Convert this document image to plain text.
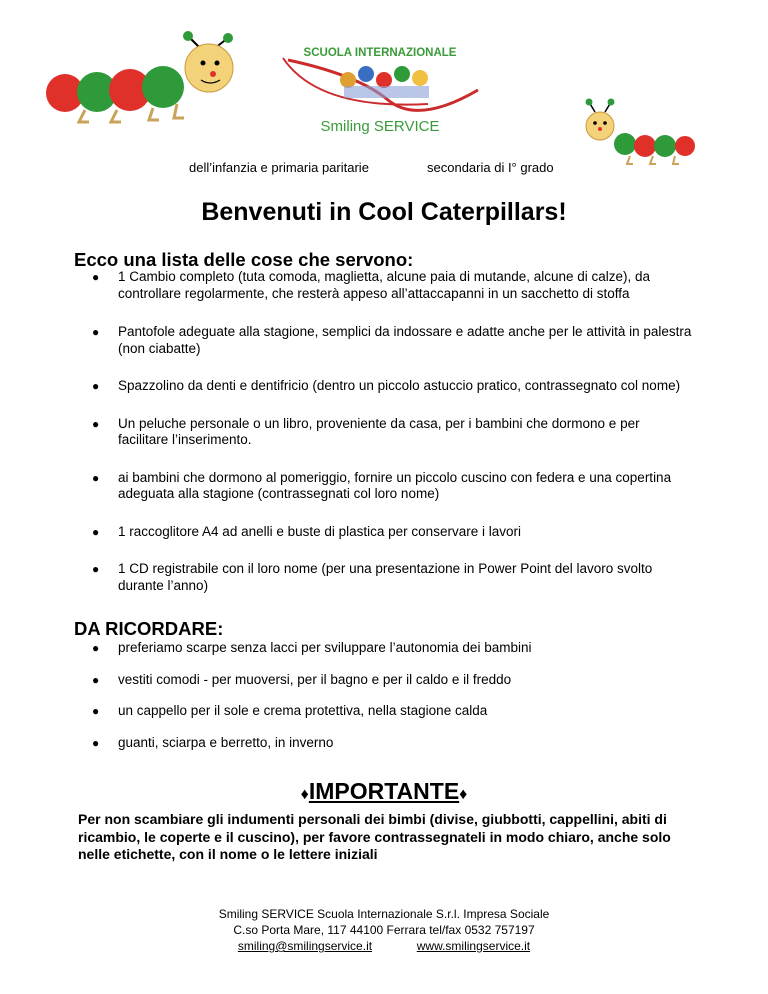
SCUOLA INTERNAZIONALE
Smiling SERVICE
dell’infanzia e primaria paritarie	secondaria di I° grado
Benvenuti in Cool Caterpillars!
Ecco una lista delle cose che servono:
● 1 Cambio completo (tuta comoda, maglietta, alcune paia di mutande, alcune di calze), da controllare regolarmente, che resterà appeso all’attaccapanni in un sacchetto di stoffa
● Pantofole adeguate alla stagione, semplici da indossare e adatte anche per le attività in palestra (non ciabatte)
● Spazzolino da denti e dentifricio (dentro un piccolo astuccio pratico, contrassegnato col nome)
● Un peluche personale o un libro, proveniente da casa, per i bambini che dormono e per facilitare l’inserimento.
● ai bambini che dormono al pomeriggio, fornire un piccolo cuscino con federa e una copertina adeguata alla stagione (contrassegnati col loro nome)
● 1 raccoglitore A4 ad anelli e buste di plastica per conservare i lavori
● 1 CD registrabile con il loro nome (per una presentazione in Power Point del lavoro svolto durante l’anno)
DA RICORDARE:
● preferiamo scarpe senza lacci per sviluppare l’autonomia dei bambini
● vestiti comodi - per muoversi, per il bagno e per il caldo e il freddo
● un cappello per il sole e crema protettiva, nella stagione calda
● guanti, sciarpa e berretto, in inverno
♦IMPORTANTE♦
Per non scambiare gli indumenti personali dei bimbi (divise, giubbotti, cappellini, abiti di ricambio, le coperte e il cuscino), per favore contrassegnateli in modo chiaro, anche solo nelle etichette, con il nome o le lettere iniziali
Smiling SERVICE Scuola Internazionale S.r.l. Impresa Sociale
C.so Porta Mare, 117 44100 Ferrara tel/fax 0532 757197
smiling@smilingservice.it	www.smilingservice.it
